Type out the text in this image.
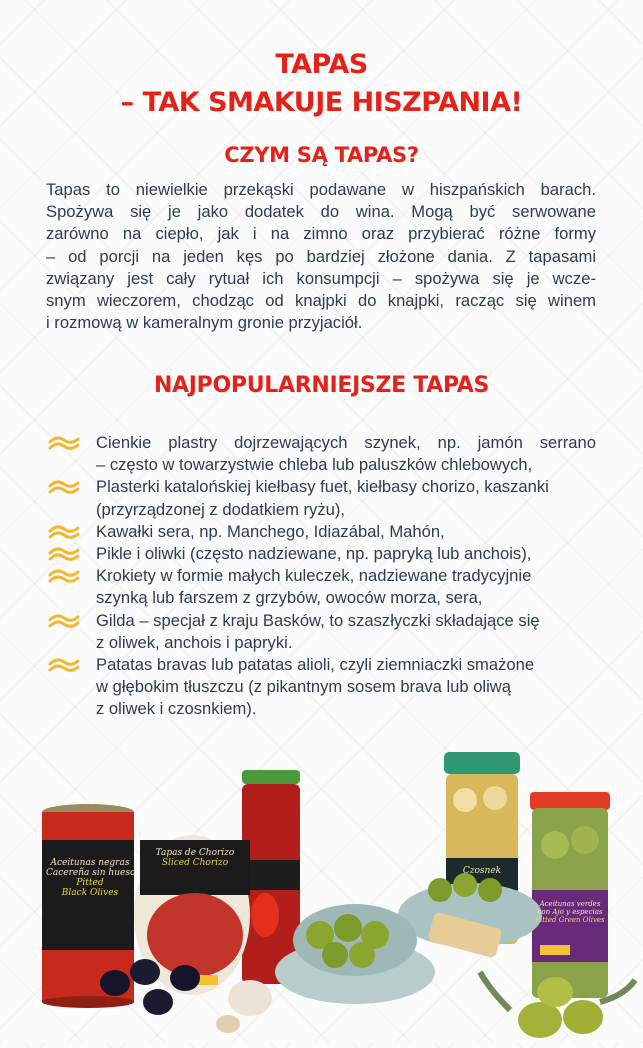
TAPAS
– TAK SMAKUJE HISZPANIA!
CZYM SĄ TAPAS?
Tapas to niewielkie przekąski podawane w hiszpańskich barach.
Spożywa się je jako dodatek do wina. Mogą być serwowane
zarówno na ciepło, jak i na zimno oraz przybierać różne formy
– od porcji na jeden kęs po bardziej złożone dania. Z tapasami
związany jest cały rytuał ich konsumpcji – spożywa się je wcze-
snym wieczorem, chodząc od knajpki do knajpki, racząc się winem
i rozmową w kameralnym gronie przyjaciół.
NAJPOPULARNIEJSZE TAPAS
Cienkie plastry dojrzewających szynek, np. jamón serrano
– często w towarzystwie chleba lub paluszków chlebowych,
Plasterki katalońskiej kiełbasy fuet, kiełbasy chorizo, kaszanki
(przyrządzonej z dodatkiem ryżu),
Kawałki sera, np. Manchego, Idiazábal, Mahón,
Pikle i oliwki (często nadziewane, np. papryką lub anchois),
Krokiety w formie małych kuleczek, nadziewane tradycyjnie
szynką lub farszem z grzybów, owoców morza, sera,
Gilda – specjał z kraju Basków, to szaszłyczki składające się
z oliwek, anchois i papryki.
Patatas bravas lub patatas alioli, czyli ziemniaczki smażone
w głębokim tłuszczu (z pikantnym sosem brava lub oliwą
z oliwek i czosnkiem).
Aceitunas negras
Cacereña sin hueso
Pitted
Black Olives
Tapas de Chorizo
Sliced Chorizo
Czosnek
Aceitunas verdes
con Ajo y especias
Pitted Green Olives
